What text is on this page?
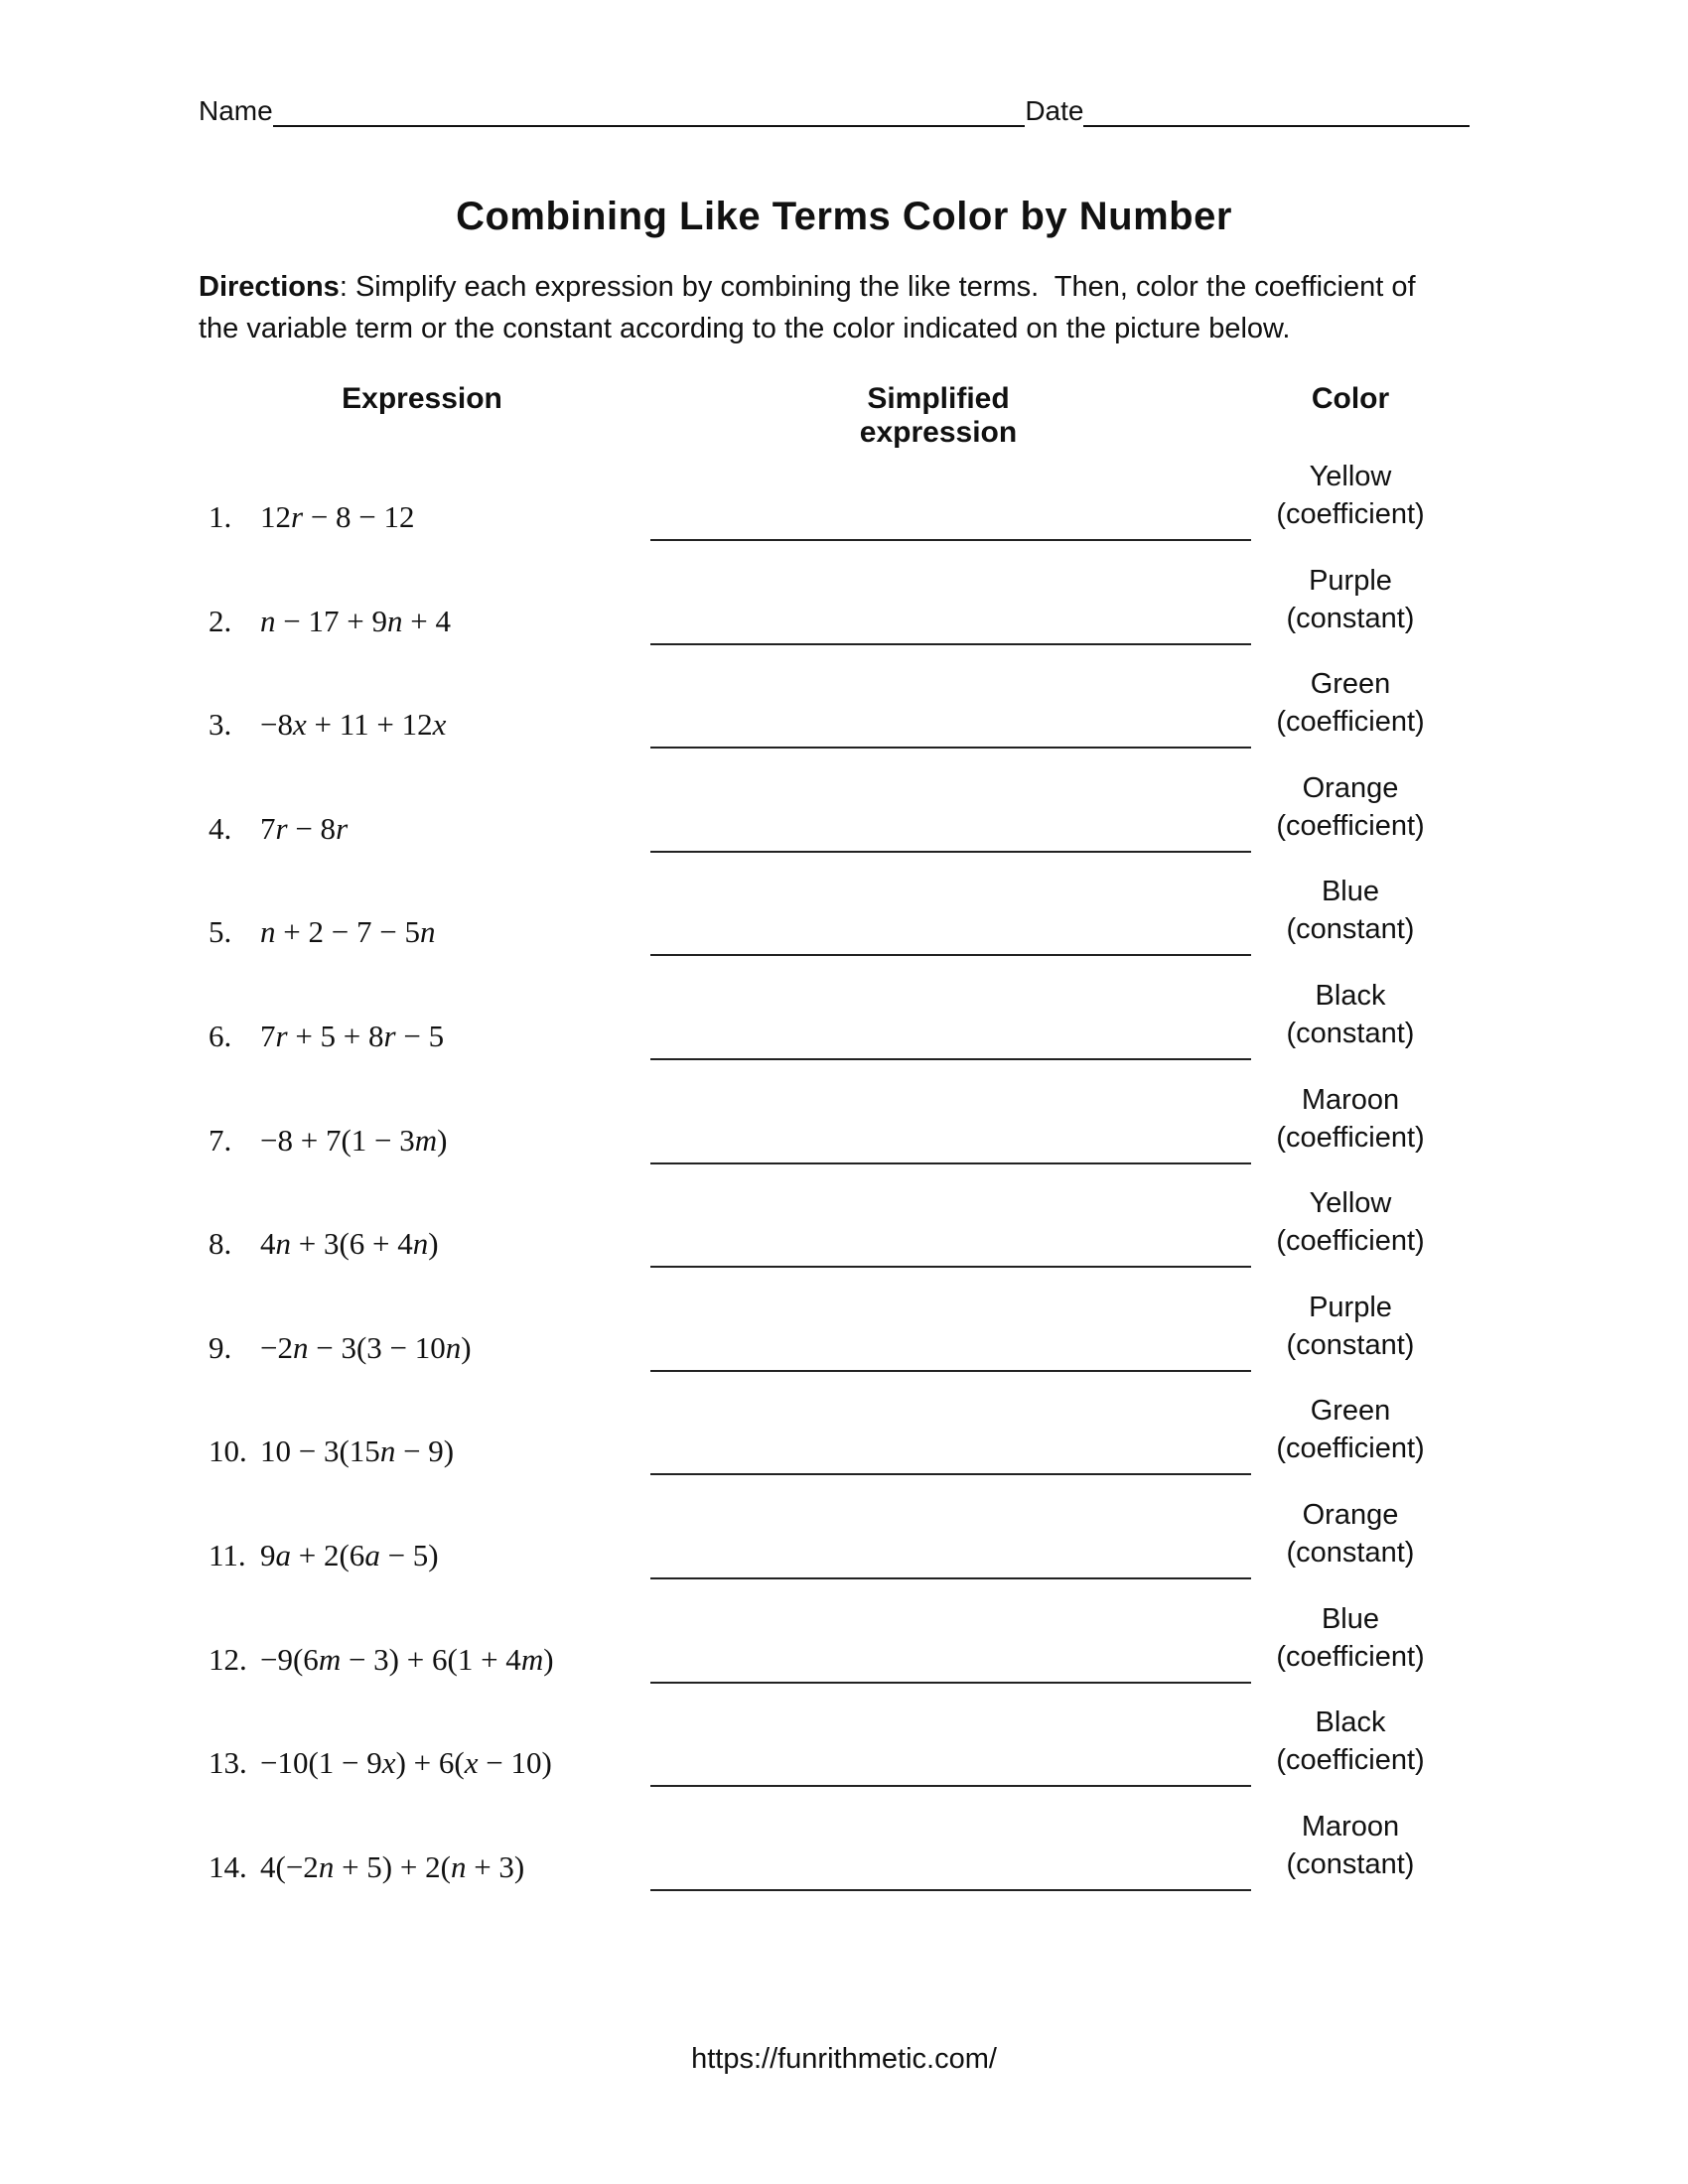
Name	Date
Combining Like Terms Color by Number
Directions: Simplify each expression by combining the like terms.  Then, color the coefficient of
the variable term or the constant according to the color indicated on the picture below.
Expression	Simplified expression
Color
1. 12r − 8 − 12
Yellow
(coefficient)
2. n − 17 + 9n + 4
Purple
(constant)
3. −8x + 11 + 12x
Green
(coefficient)
4. 7r − 8r
Orange
(coefficient)
5. n + 2 − 7 − 5n
Blue
(constant)
6. 7r + 5 + 8r − 5
Black
(constant)
7. −8 + 7(1 − 3m)
Maroon
(coefficient)
8. 4n + 3(6 + 4n)
Yellow
(coefficient)
9. −2n − 3(3 − 10n)
Purple
(constant)
10. 10 − 3(15n − 9)
Green
(coefficient)
11. 9a + 2(6a − 5)
Orange
(constant)
12. −9(6m − 3) + 6(1 + 4m)
Blue
(coefficient)
13. −10(1 − 9x) + 6(x − 10)
Black
(coefficient)
14. 4(−2n + 5) + 2(n + 3)
Maroon
(constant)
https://funrithmetic.com/
